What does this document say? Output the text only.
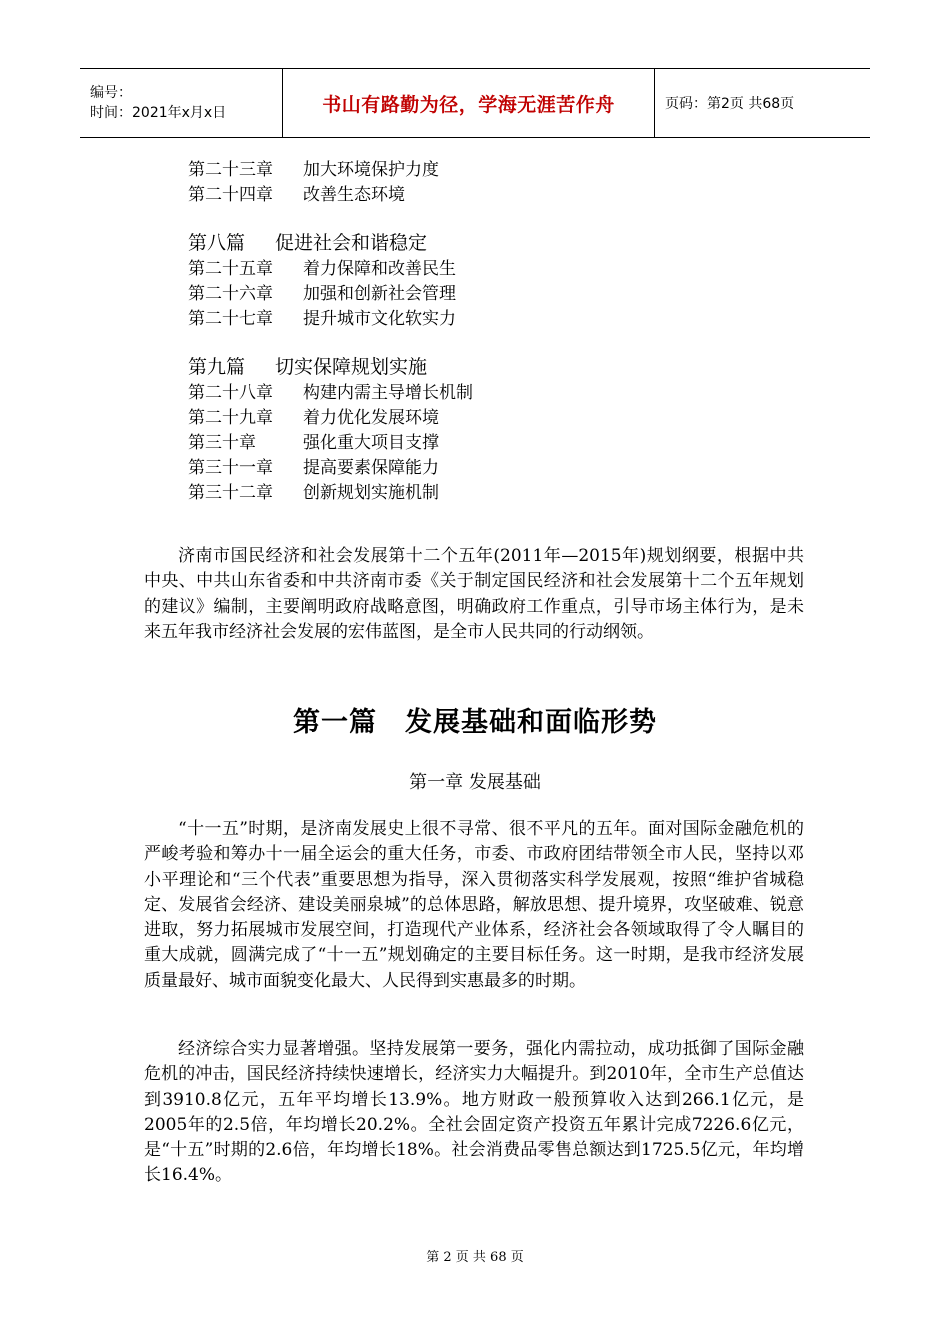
编号：
时间：2021年x月x日	书山有路勤为径，学海无涯苦作舟	页码：第2页 共68页
第二十三章 加大环境保护力度
第二十四章 改善生态环境
第八篇 促进社会和谐稳定
第二十五章 着力保障和改善民生
第二十六章 加强和创新社会管理
第二十七章 提升城市文化软实力
第九篇 切实保障规划实施
第二十八章 构建内需主导增长机制
第二十九章 着力优化发展环境
第三十章	强化重大项目支撑
第三十一章 提高要素保障能力
第三十二章 创新规划实施机制

济南市国民经济和社会发展第十二个五年(2011年—2015年)规划纲要，根据中共中央、中共山东省委和中共济南市委《关于制定国民经济和社会发展第十二个五年规划的建议》编制，主要阐明政府战略意图，明确政府工作重点，引导市场主体行为，是未来五年我市经济社会发展的宏伟蓝图，是全市人民共同的行动纲领。

第一篇　发展基础和面临形势
第一章 发展基础

“十一五”时期，是济南发展史上很不寻常、很不平凡的五年。面对国际金融危机的严峻考验和筹办十一届全运会的重大任务，市委、市政府团结带领全市人民，坚持以邓小平理论和“三个代表”重要思想为指导，深入贯彻落实科学发展观，按照“维护省城稳定、发展省会经济、建设美丽泉城”的总体思路，解放思想、提升境界，攻坚破难、锐意进取，努力拓展城市发展空间，打造现代产业体系，经济社会各领域取得了令人瞩目的重大成就，圆满完成了“十一五”规划确定的主要目标任务。这一时期，是我市经济发展质量最好、城市面貌变化最大、人民得到实惠最多的时期。

经济综合实力显著增强。坚持发展第一要务，强化内需拉动，成功抵御了国际金融危机的冲击，国民经济持续快速增长，经济实力大幅提升。到2010年，全市生产总值达到3910.8亿元，五年平均增长13.9%。地方财政一般预算收入达到266.1亿元，是2005年的2.5倍，年均增长20.2%。全社会固定资产投资五年累计完成7226.6亿元，是“十五”时期的2.6倍，年均增长18%。社会消费品零售总额达到1725.5亿元，年均增长16.4%。

第 2 页 共 68 页
